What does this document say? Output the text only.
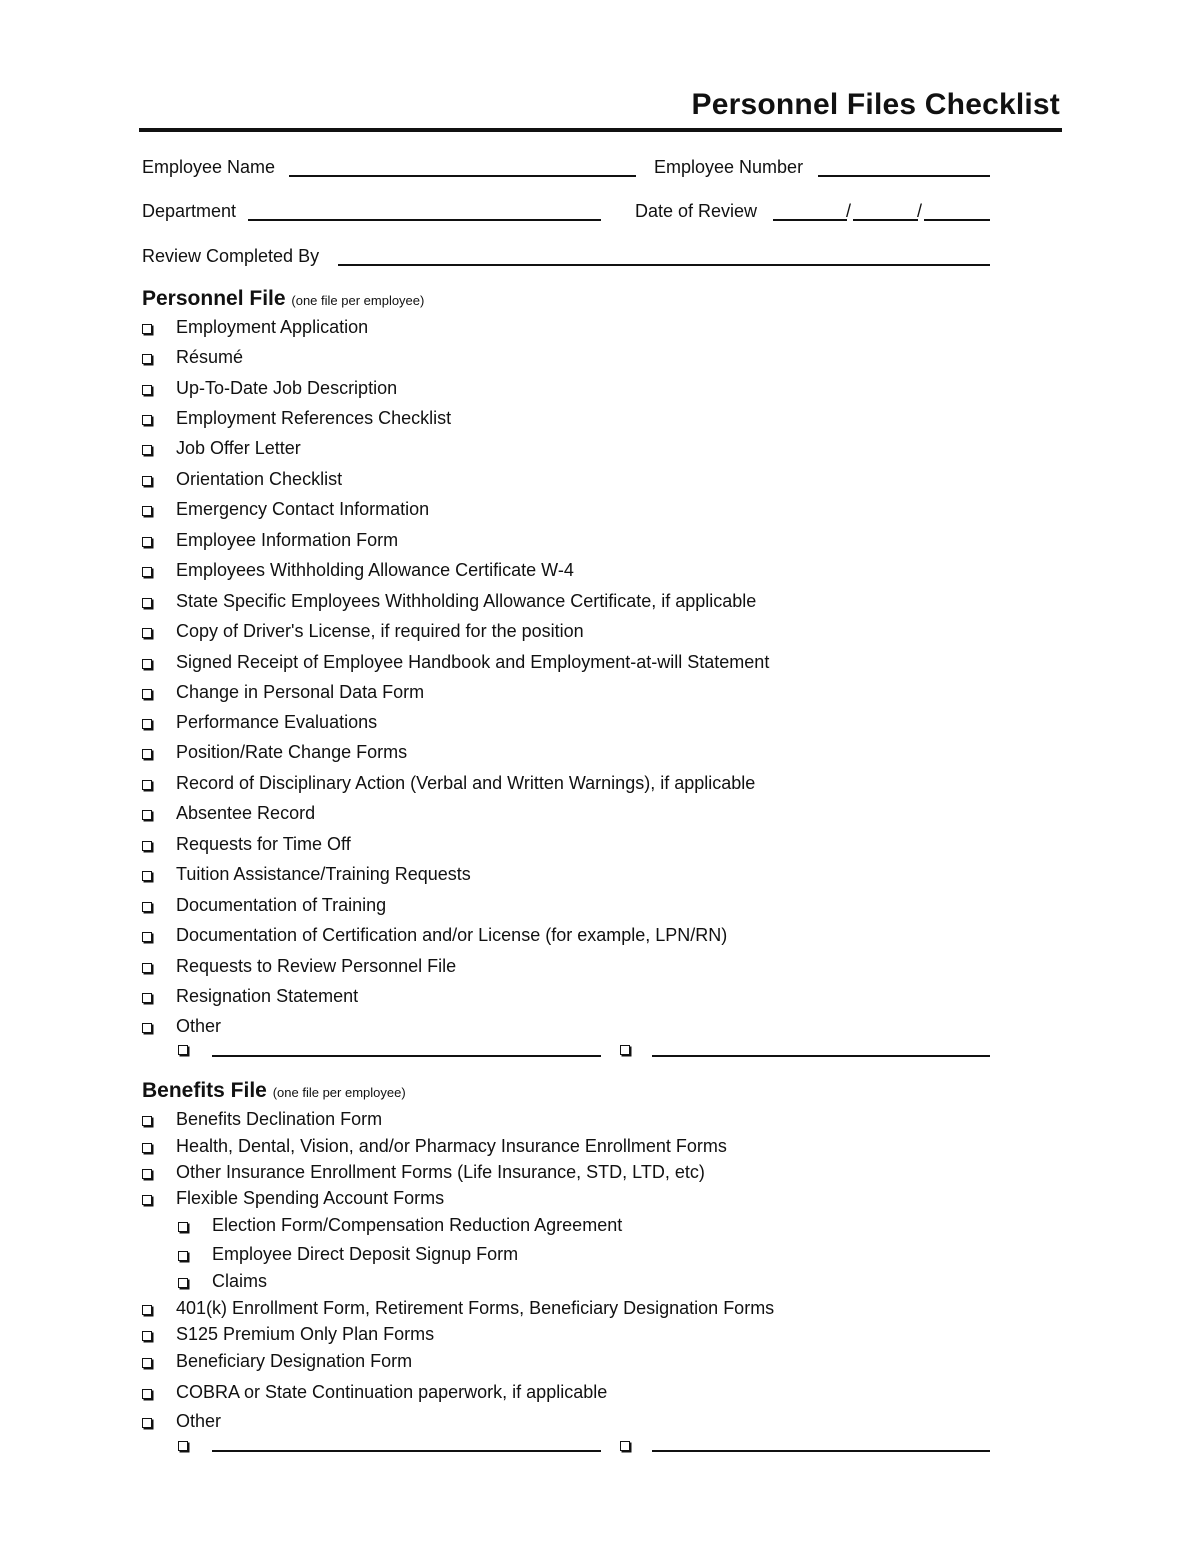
Personnel Files Checklist
Employee Name	Employee Number
Department	Date of Review	/	/
Review Completed By
Personnel File (one file per employee)
Employment Application
Résumé
Up-To-Date Job Description
Employment References Checklist
Job Offer Letter
Orientation Checklist
Emergency Contact Information
Employee Information Form
Employees Withholding Allowance Certificate W-4
State Specific Employees Withholding Allowance Certificate, if applicable
Copy of Driver's License, if required for the position
Signed Receipt of Employee Handbook and Employment-at-will Statement
Change in Personal Data Form
Performance Evaluations
Position/Rate Change Forms
Record of Disciplinary Action (Verbal and Written Warnings), if applicable
Absentee Record
Requests for Time Off
Tuition Assistance/Training Requests
Documentation of Training
Documentation of Certification and/or License (for example, LPN/RN)
Requests to Review Personnel File
Resignation Statement
Other
Benefits File (one file per employee)
Benefits Declination Form
Health, Dental, Vision, and/or Pharmacy Insurance Enrollment Forms
Other Insurance Enrollment Forms (Life Insurance, STD, LTD, etc)
Flexible Spending Account Forms
Election Form/Compensation Reduction Agreement
Employee Direct Deposit Signup Form
Claims
401(k) Enrollment Form, Retirement Forms, Beneficiary Designation Forms
S125 Premium Only Plan Forms
Beneficiary Designation Form
COBRA or State Continuation paperwork, if applicable
Other
